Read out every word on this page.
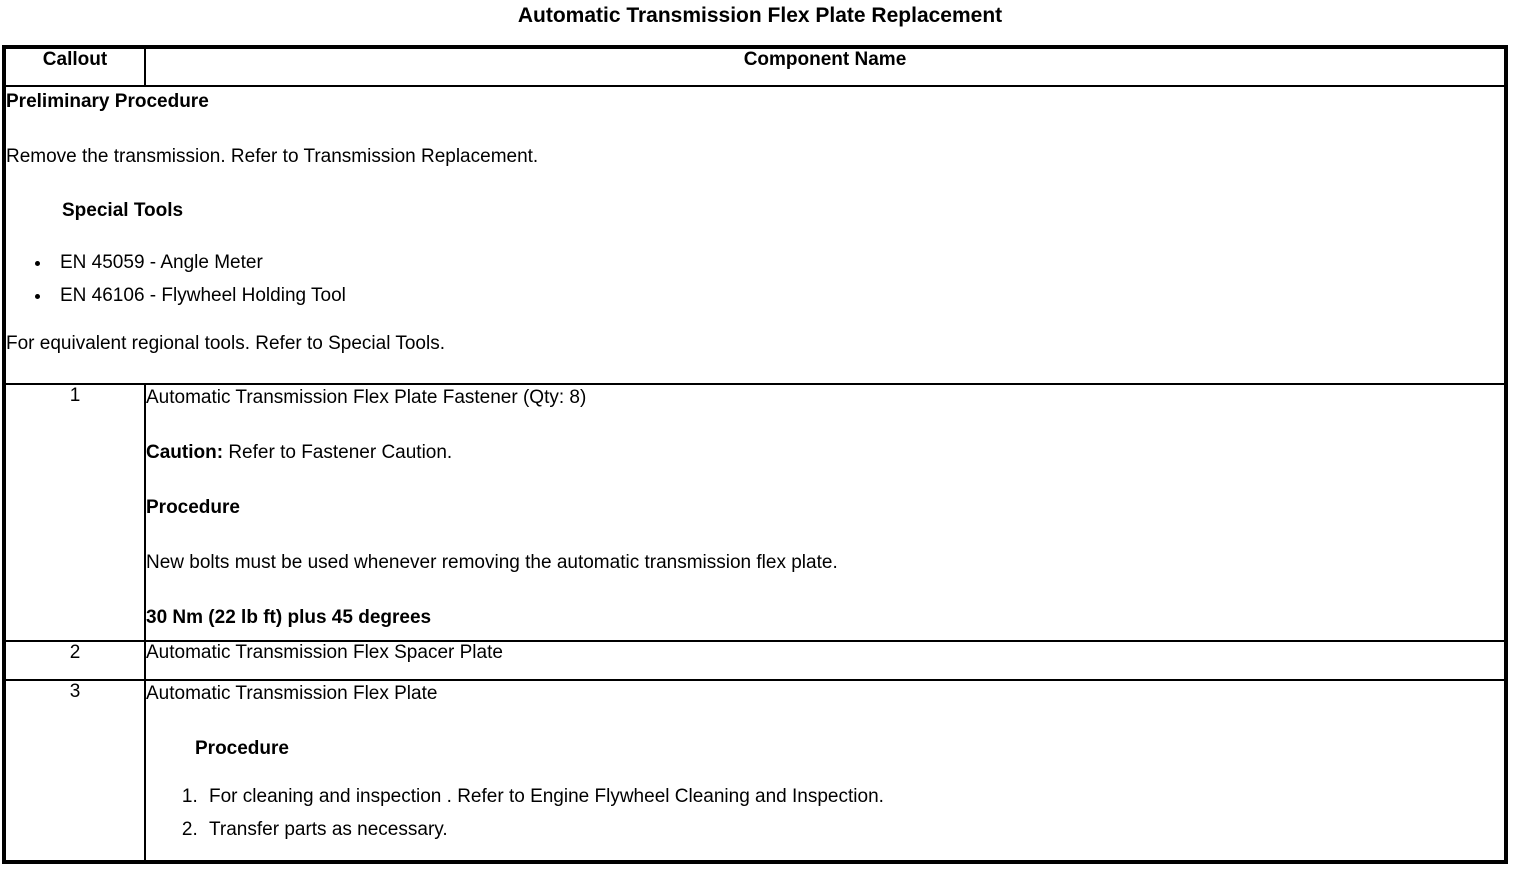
Automatic Transmission Flex Plate Replacement

Callout	Component Name

Preliminary Procedure

Remove the transmission. Refer to Transmission Replacement.

Special Tools

• EN 45059 - Angle Meter
• EN 46106 - Flywheel Holding Tool

For equivalent regional tools. Refer to Special Tools.

1	Automatic Transmission Flex Plate Fastener (Qty: 8)

Caution: Refer to Fastener Caution.

Procedure

New bolts must be used whenever removing the automatic transmission flex plate.

30 Nm (22 lb ft) plus 45 degrees

2	Automatic Transmission Flex Spacer Plate

3	Automatic Transmission Flex Plate

Procedure

1. For cleaning and inspection . Refer to Engine Flywheel Cleaning and Inspection.
2. Transfer parts as necessary.
